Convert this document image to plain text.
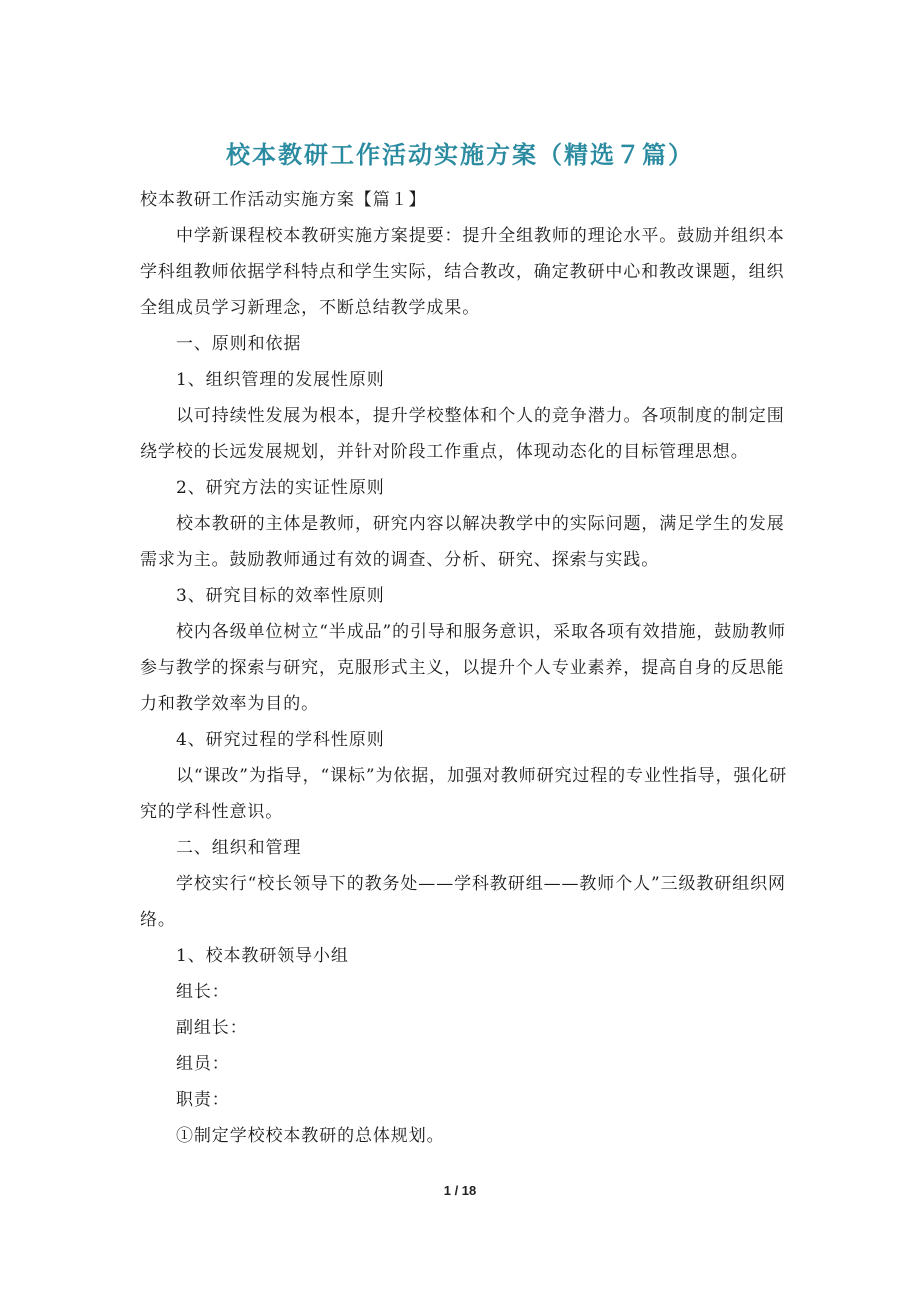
校本教研工作活动实施方案（精选７篇）

校本教研工作活动实施方案【篇１】

中学新课程校本教研实施方案提要：提升全组教师的理论水平。鼓励并组织本学科组教师依据学科特点和学生实际，结合教改，确定教研中心和教改课题，组织全组成员学习新理念，不断总结教学成果。

一、原则和依据

1、组织管理的发展性原则

以可持续性发展为根本，提升学校整体和个人的竞争潜力。各项制度的制定围绕学校的长远发展规划，并针对阶段工作重点，体现动态化的目标管理思想。

2、研究方法的实证性原则

校本教研的主体是教师，研究内容以解决教学中的实际问题，满足学生的发展需求为主。鼓励教师通过有效的调查、分析、研究、探索与实践。

3、研究目标的效率性原则

校内各级单位树立“半成品”的引导和服务意识，采取各项有效措施，鼓励教师参与教学的探索与研究，克服形式主义，以提升个人专业素养，提高自身的反思能力和教学效率为目的。

4、研究过程的学科性原则

以“课改”为指导，“课标”为依据，加强对教师研究过程的专业性指导，强化研究的学科性意识。

二、组织和管理

学校实行“校长领导下的教务处——学科教研组——教师个人”三级教研组织网络。

1、校本教研领导小组

组长：

副组长：

组员：

职责：

①制定学校校本教研的总体规划。

1 / 18
